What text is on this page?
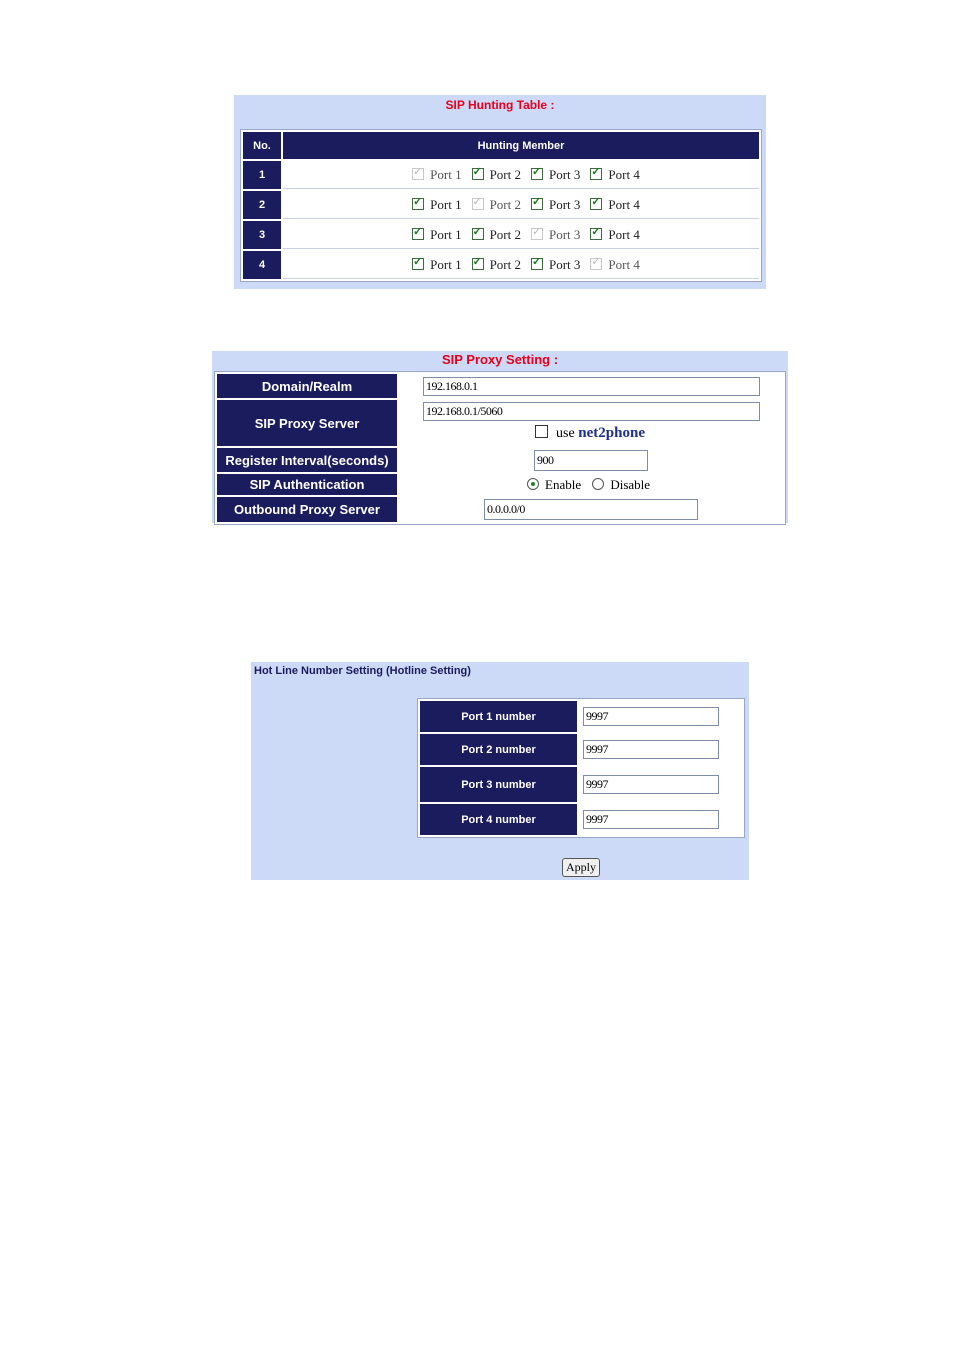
SIP Hunting Table :
No.	Hunting Member
1	✓Port 1 ✓ Port 2 ✓ Port 3 ✓ Port 4
2	✓Port 1 ✓ Port 2 ✓ Port 3 ✓ Port 4
3	✓Port 1 ✓ Port 2 ✓ Port 3 ✓ Port 4
4	✓Port 1 ✓ Port 2 ✓ Port 3 ✓ Port 4
SIP Proxy Setting :
Domain/Realm	192.168.0.1
SIP Proxy Server	192.168.0.1/5060
use net2phone

Register Interval(seconds)	900
SIP Authentication	Enable Disable
Outbound Proxy Server	0.0.0.0/0
Hot Line Number Setting (Hotline Setting)
Port 1 number	9997
Port 2 number	9997
Port 3 number	9997
Port 4 number	9997
Apply
